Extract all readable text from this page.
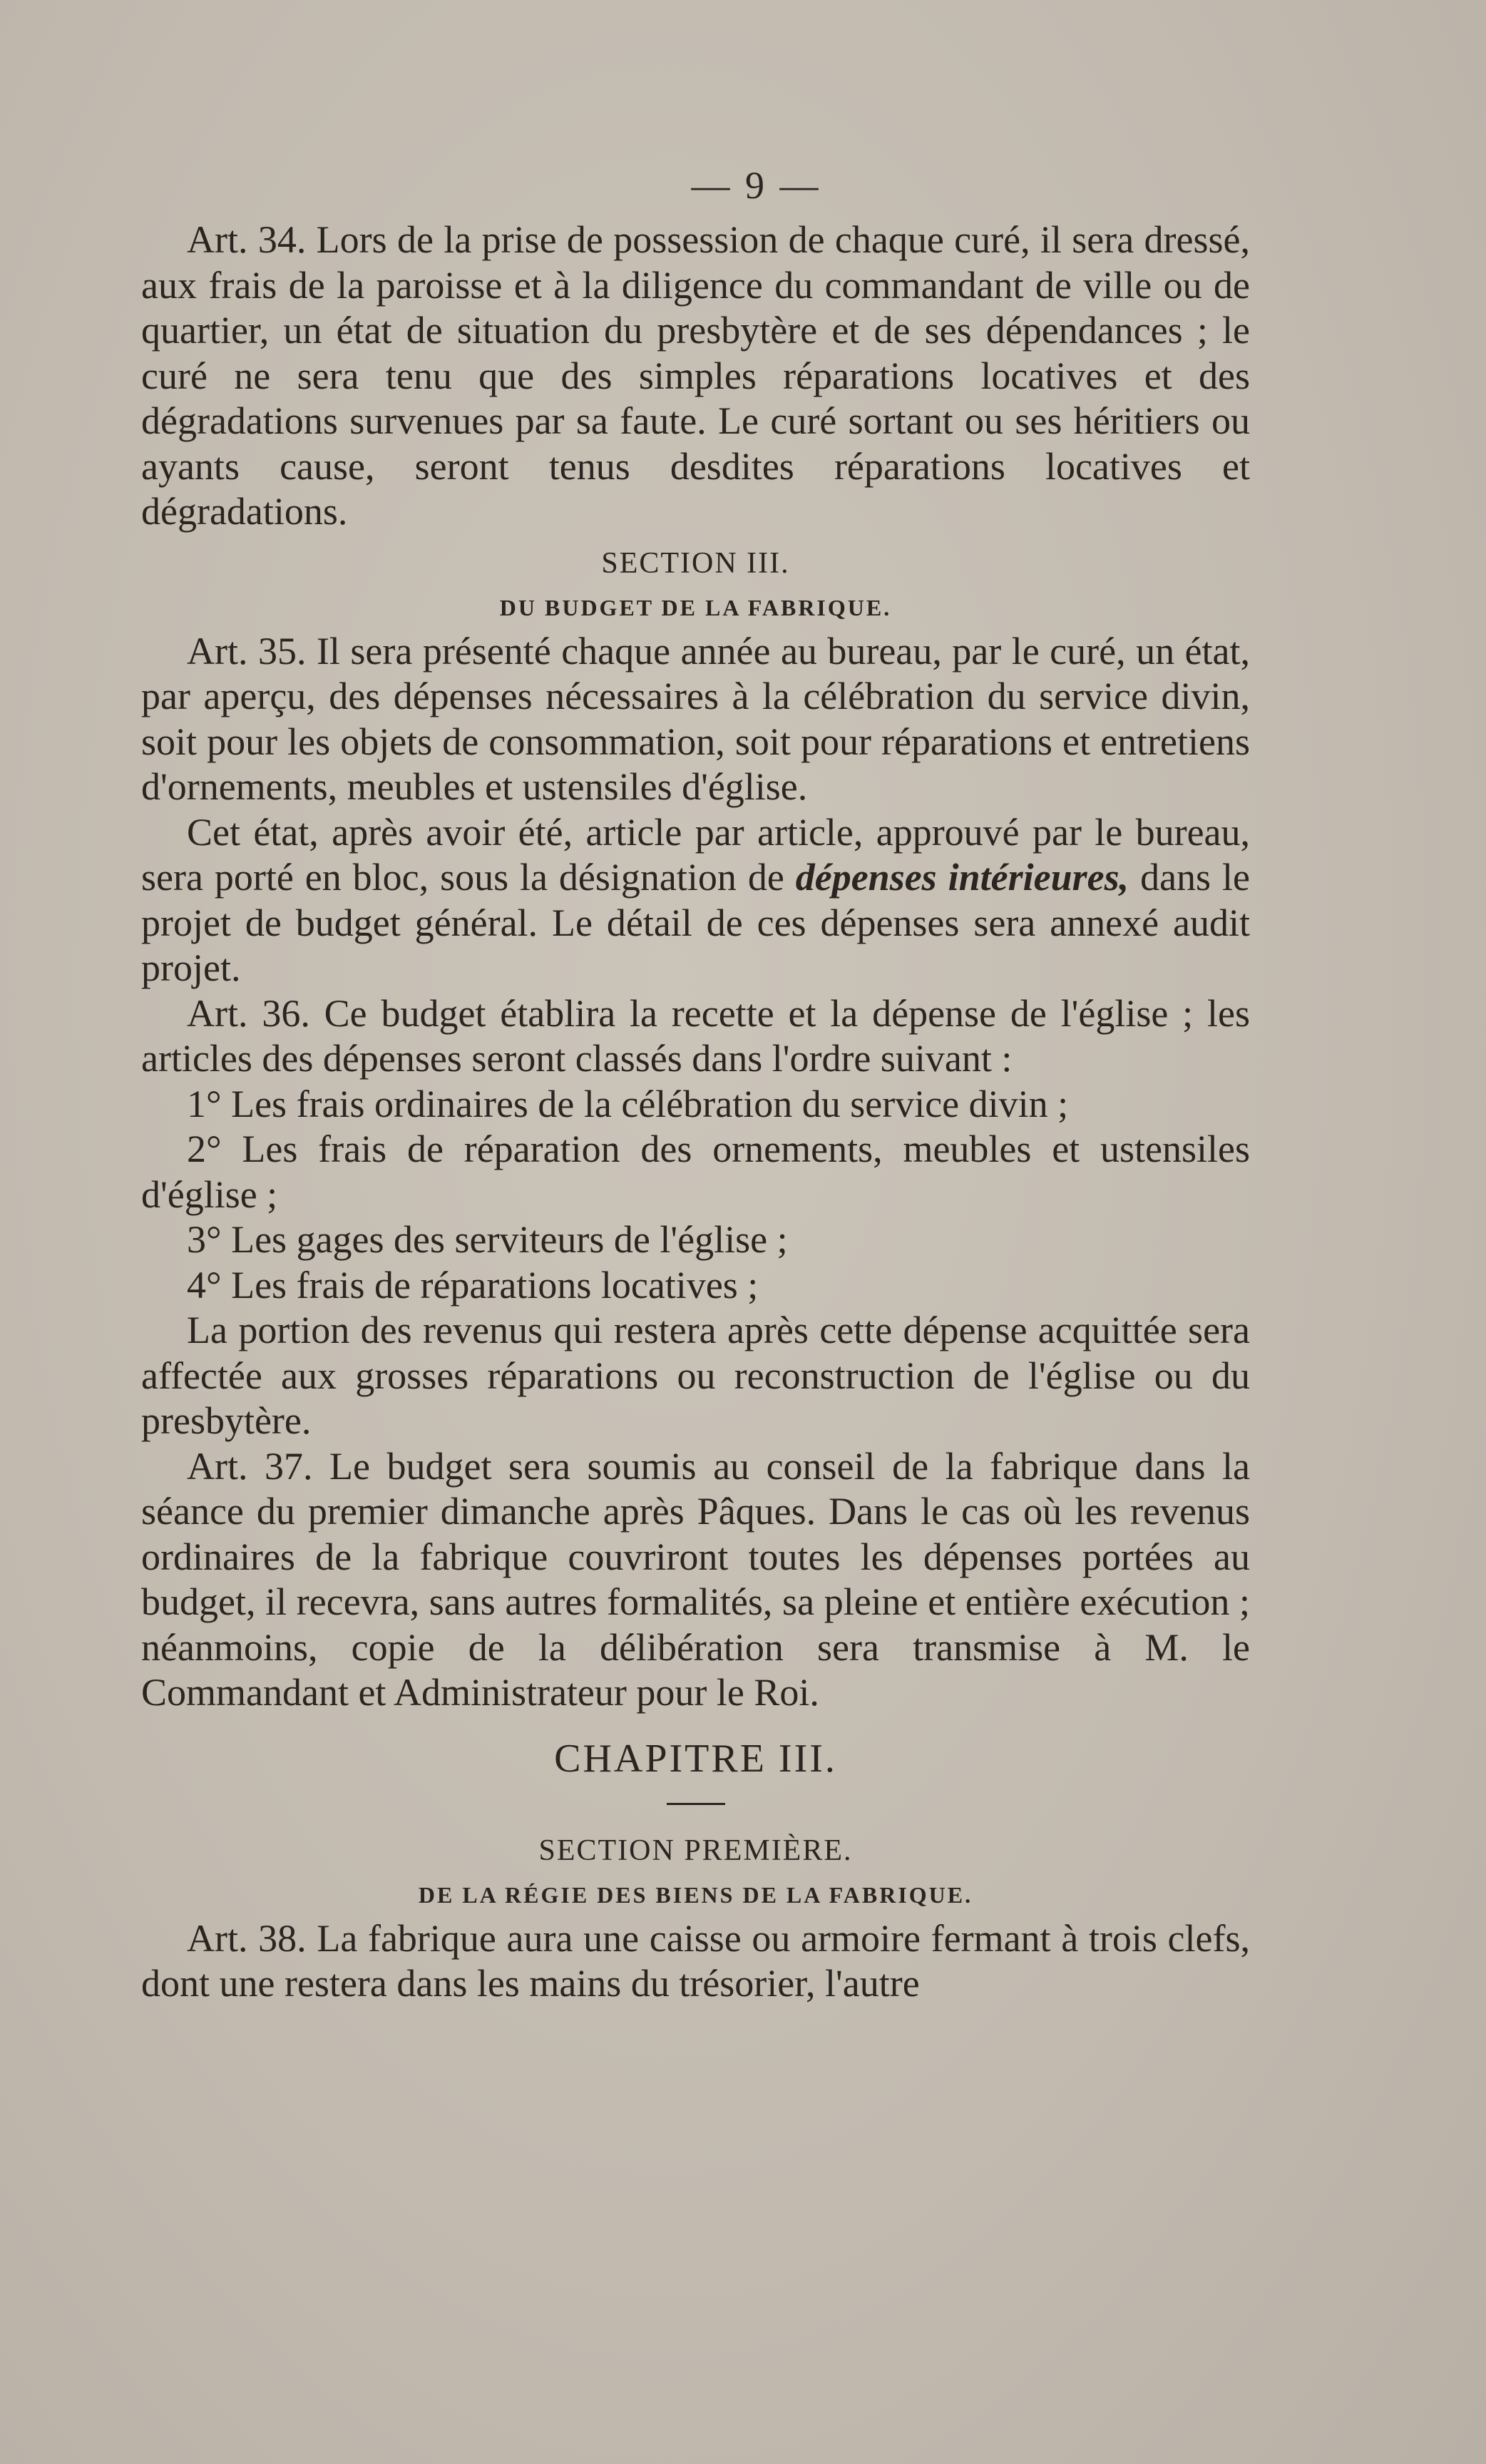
— 9 —

Art. 34. Lors de la prise de possession de chaque curé, il sera dressé, aux frais de la paroisse et à la diligence du commandant de ville ou de quartier, un état de situation du presbytère et de ses dépendances ; le curé ne sera tenu que des simples réparations locatives et des dégradations survenues par sa faute. Le curé sortant ou ses héritiers ou ayants cause, seront tenus desdites réparations locatives et dégradations.

SECTION III.
DU BUDGET DE LA FABRIQUE.

Art. 35. Il sera présenté chaque année au bureau, par le curé, un état, par aperçu, des dépenses nécessaires à la célébration du service divin, soit pour les objets de consommation, soit pour réparations et entretiens d'ornements, meubles et ustensiles d'église.

Cet état, après avoir été, article par article, approuvé par le bureau, sera porté en bloc, sous la désignation de dépenses intérieures, dans le projet de budget général. Le détail de ces dépenses sera annexé audit projet.

Art. 36. Ce budget établira la recette et la dépense de l'église ; les articles des dépenses seront classés dans l'ordre suivant :

1° Les frais ordinaires de la célébration du service divin ;

2° Les frais de réparation des ornements, meubles et ustensiles d'église ;

3° Les gages des serviteurs de l'église ;

4° Les frais de réparations locatives ;

La portion des revenus qui restera après cette dépense acquittée sera affectée aux grosses réparations ou reconstruction de l'église ou du presbytère.

Art. 37. Le budget sera soumis au conseil de la fabrique dans la séance du premier dimanche après Pâques. Dans le cas où les revenus ordinaires de la fabrique couvriront toutes les dépenses portées au budget, il recevra, sans autres formalités, sa pleine et entière exécution ; néanmoins, copie de la délibération sera transmise à M. le Commandant et Administrateur pour le Roi.

CHAPITRE III.
SECTION PREMIÈRE.
DE LA RÉGIE DES BIENS DE LA FABRIQUE.

Art. 38. La fabrique aura une caisse ou armoire fermant à trois clefs, dont une restera dans les mains du trésorier, l'autre
